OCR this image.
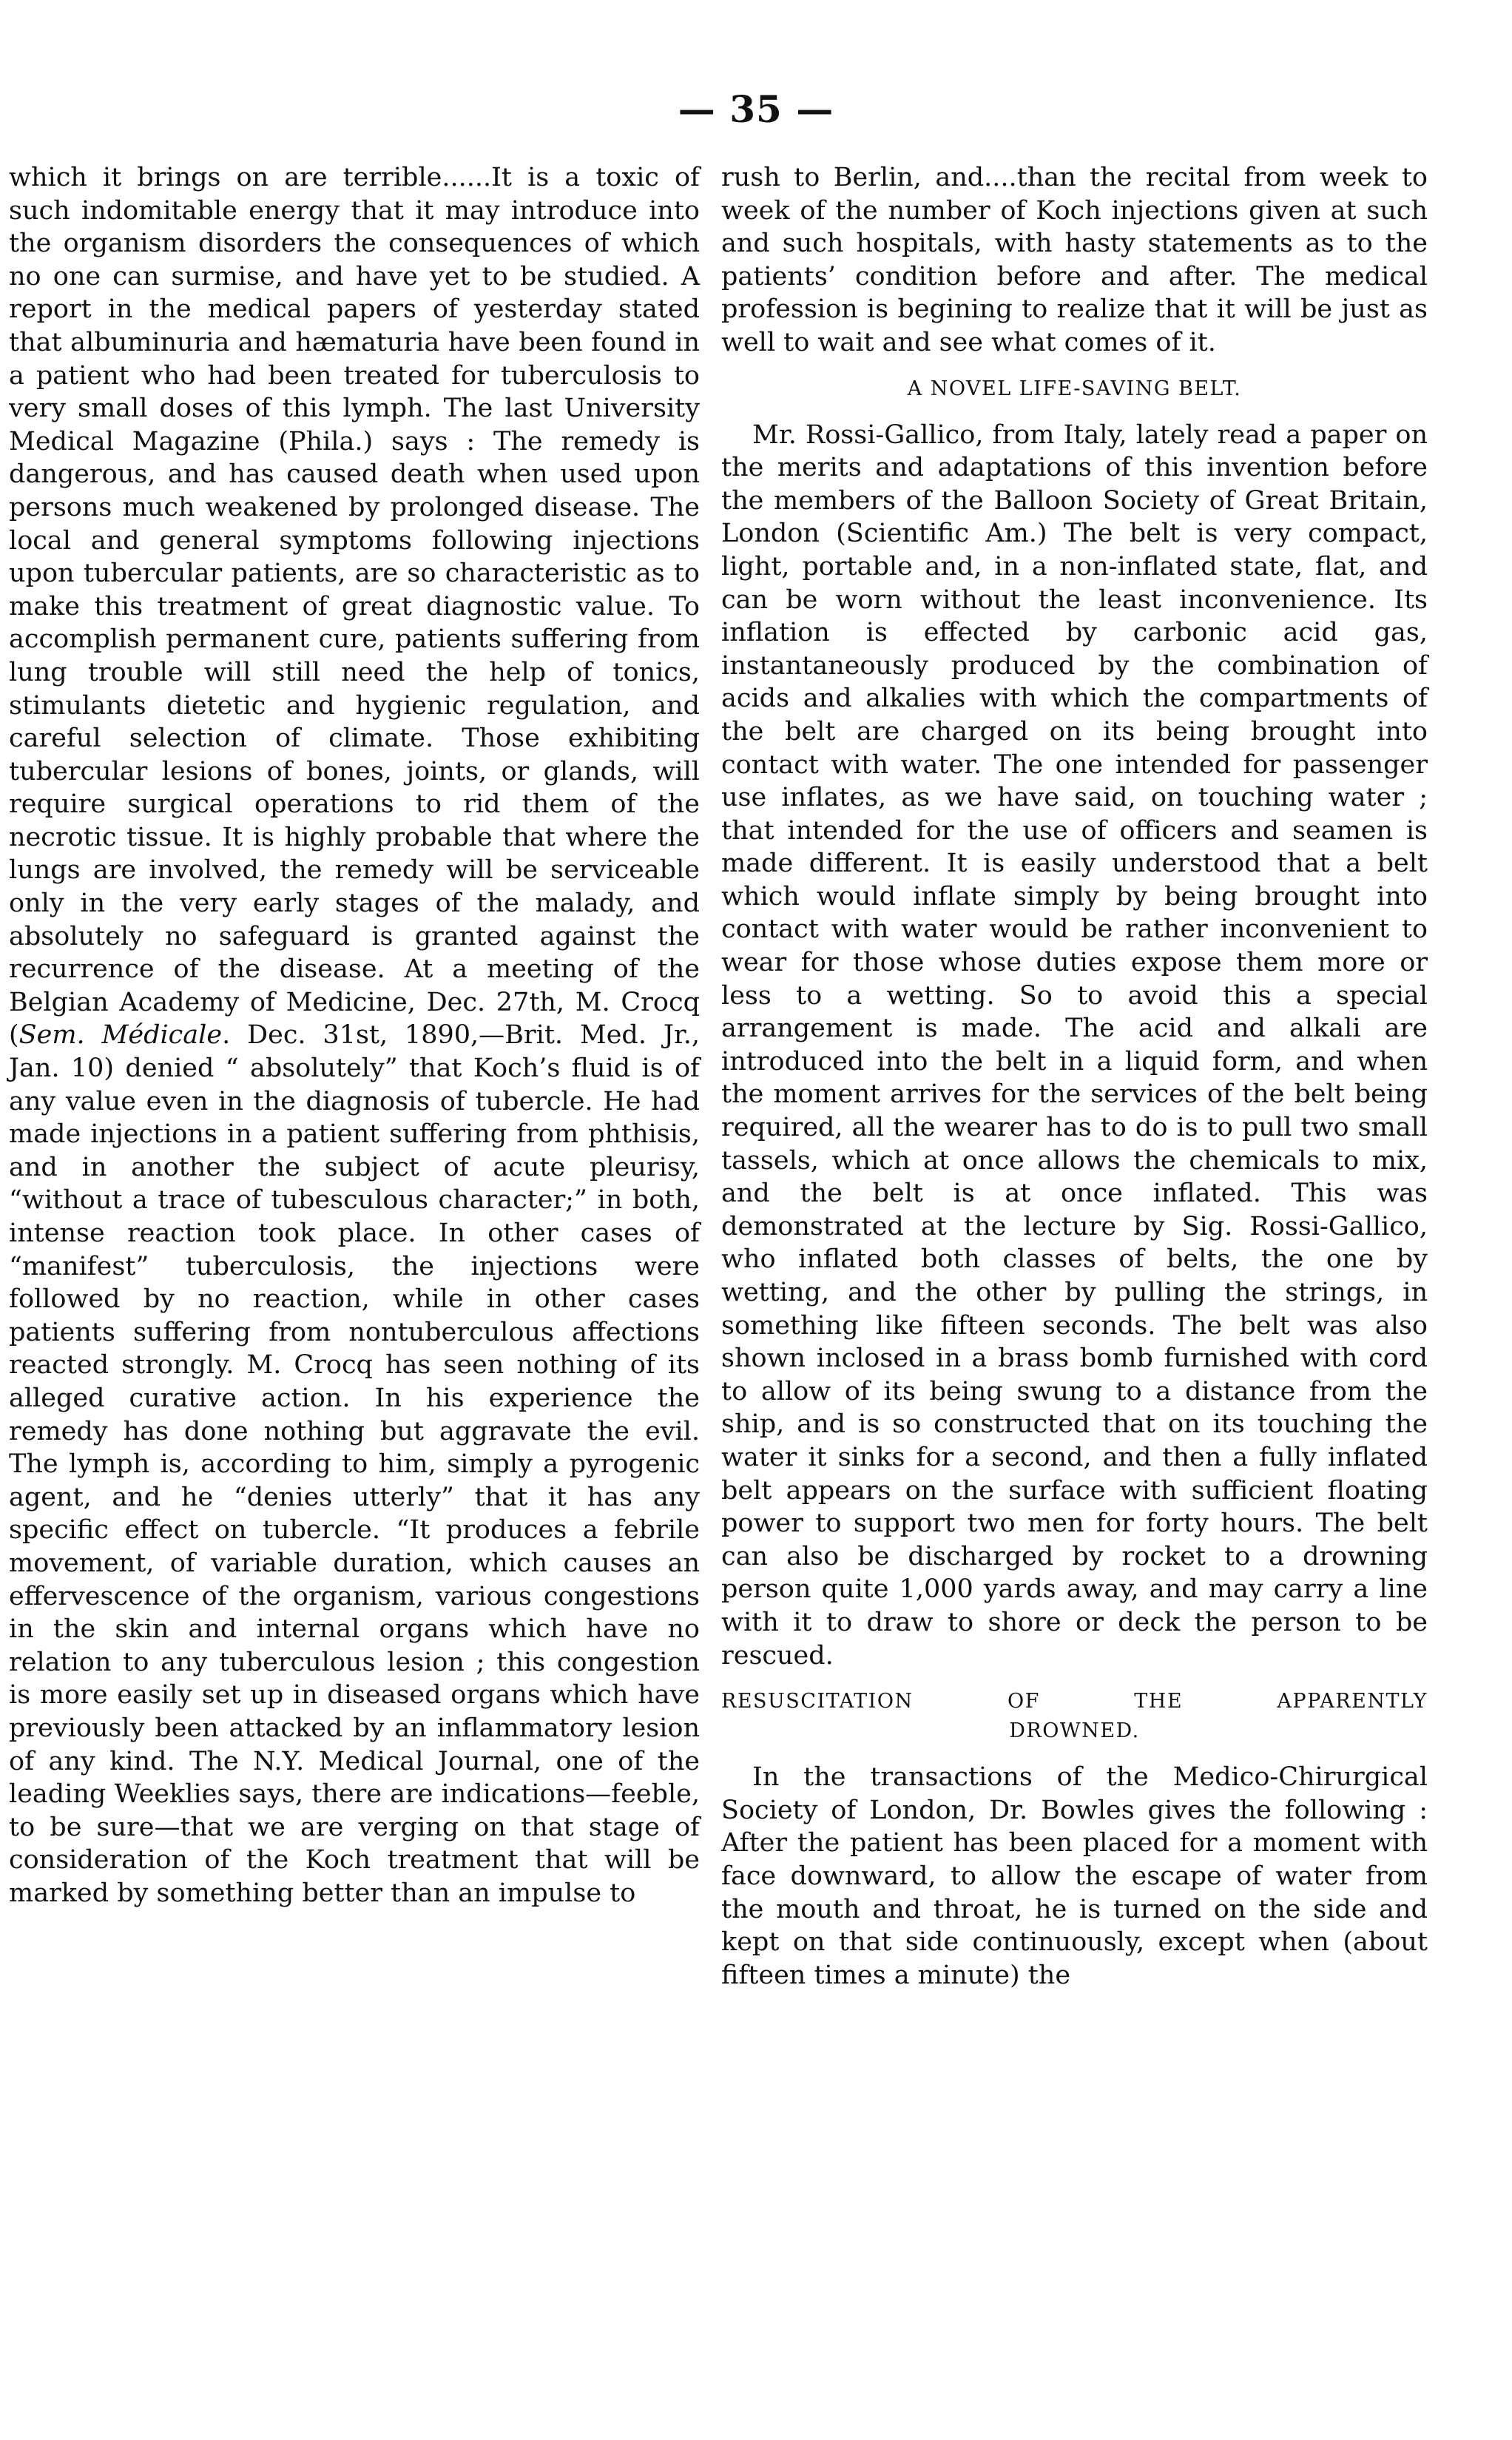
— 35 —

which it brings on are terrible......It is a toxic of such indomitable energy that it may introduce into the organism disorders the consequences of which no one can surmise, and have yet to be studied. A report in the medical papers of yesterday stated that albuminuria and hæmaturia have been found in a patient who had been treated for tuberculosis to very small doses of this lymph. The last University Medical Magazine (Phila.) says : The remedy is dangerous, and has caused death when used upon persons much weakened by prolonged disease. The local and general symptoms following injections upon tubercular patients, are so characteristic as to make this treatment of great diagnostic value. To accomplish permanent cure, patients suffering from lung trouble will still need the help of tonics, stimulants dietetic and hygienic regulation, and careful selection of climate. Those exhibiting tubercular lesions of bones, joints, or glands, will require surgical operations to rid them of the necrotic tissue. It is highly probable that where the lungs are involved, the remedy will be serviceable only in the very early stages of the malady, and absolutely no safeguard is granted against the recurrence of the disease. At a meeting of the Belgian Academy of Medicine, Dec. 27th, M. Crocq (Sem. Médicale. Dec. 31st, 1890,—Brit. Med. Jr., Jan. 10) denied “ absolutely” that Koch’s fluid is of any value even in the diagnosis of tubercle. He had made injections in a patient suffering from phthisis, and in another the subject of acute pleurisy, “without a trace of tubesculous character;” in both, intense reaction took place. In other cases of “manifest” tuberculosis, the injections were followed by no reaction, while in other cases patients suffering from nontuberculous affections reacted strongly. M. Crocq has seen nothing of its alleged curative action. In his experience the remedy has done nothing but aggravate the evil. The lymph is, according to him, simply a pyrogenic agent, and he “denies utterly” that it has any specific effect on tubercle. “It produces a febrile movement, of variable duration, which causes an effervescence of the organism, various congestions in the skin and internal organs which have no relation to any tuberculous lesion ; this congestion is more easily set up in diseased organs which have previously been attacked by an inflammatory lesion of any kind. The N.Y. Medical Journal, one of the leading Weeklies says, there are indications—feeble, to be sure—that we are verging on that stage of consideration of the Koch treatment that will be marked by something better than an impulse to

rush to Berlin, and....than the recital from week to week of the number of Koch injections given at such and such hospitals, with hasty statements as to the patients’ condition before and after. The medical profession is begining to realize that it will be just as well to wait and see what comes of it.

A NOVEL LIFE-SAVING BELT.

Mr. Rossi-Gallico, from Italy, lately read a paper on the merits and adaptations of this invention before the members of the Balloon Society of Great Britain, London (Scientific Am.) The belt is very compact, light, portable and, in a non-inflated state, flat, and can be worn without the least inconvenience. Its inflation is effected by carbonic acid gas, instantaneously produced by the combination of acids and alkalies with which the compartments of the belt are charged on its being brought into contact with water. The one intended for passenger use inflates, as we have said, on touching water ; that intended for the use of officers and seamen is made different. It is easily understood that a belt which would inflate simply by being brought into contact with water would be rather inconvenient to wear for those whose duties expose them more or less to a wetting. So to avoid this a special arrangement is made. The acid and alkali are introduced into the belt in a liquid form, and when the moment arrives for the services of the belt being required, all the wearer has to do is to pull two small tassels, which at once allows the chemicals to mix, and the belt is at once inflated. This was demonstrated at the lecture by Sig. Rossi-Gallico, who inflated both classes of belts, the one by wetting, and the other by pulling the strings, in something like fifteen seconds. The belt was also shown inclosed in a brass bomb furnished with cord to allow of its being swung to a distance from the ship, and is so constructed that on its touching the water it sinks for a second, and then a fully inflated belt appears on the surface with sufficient floating power to support two men for forty hours. The belt can also be discharged by rocket to a drowning person quite 1,000 yards away, and may carry a line with it to draw to shore or deck the person to be rescued.

RESUSCITATION OF THE APPARENTLY
DROWNED.

In the transactions of the Medico-Chirurgical Society of London, Dr. Bowles gives the following : After the patient has been placed for a moment with face downward, to allow the escape of water from the mouth and throat, he is turned on the side and kept on that side continuously, except when (about fifteen times a minute) the
